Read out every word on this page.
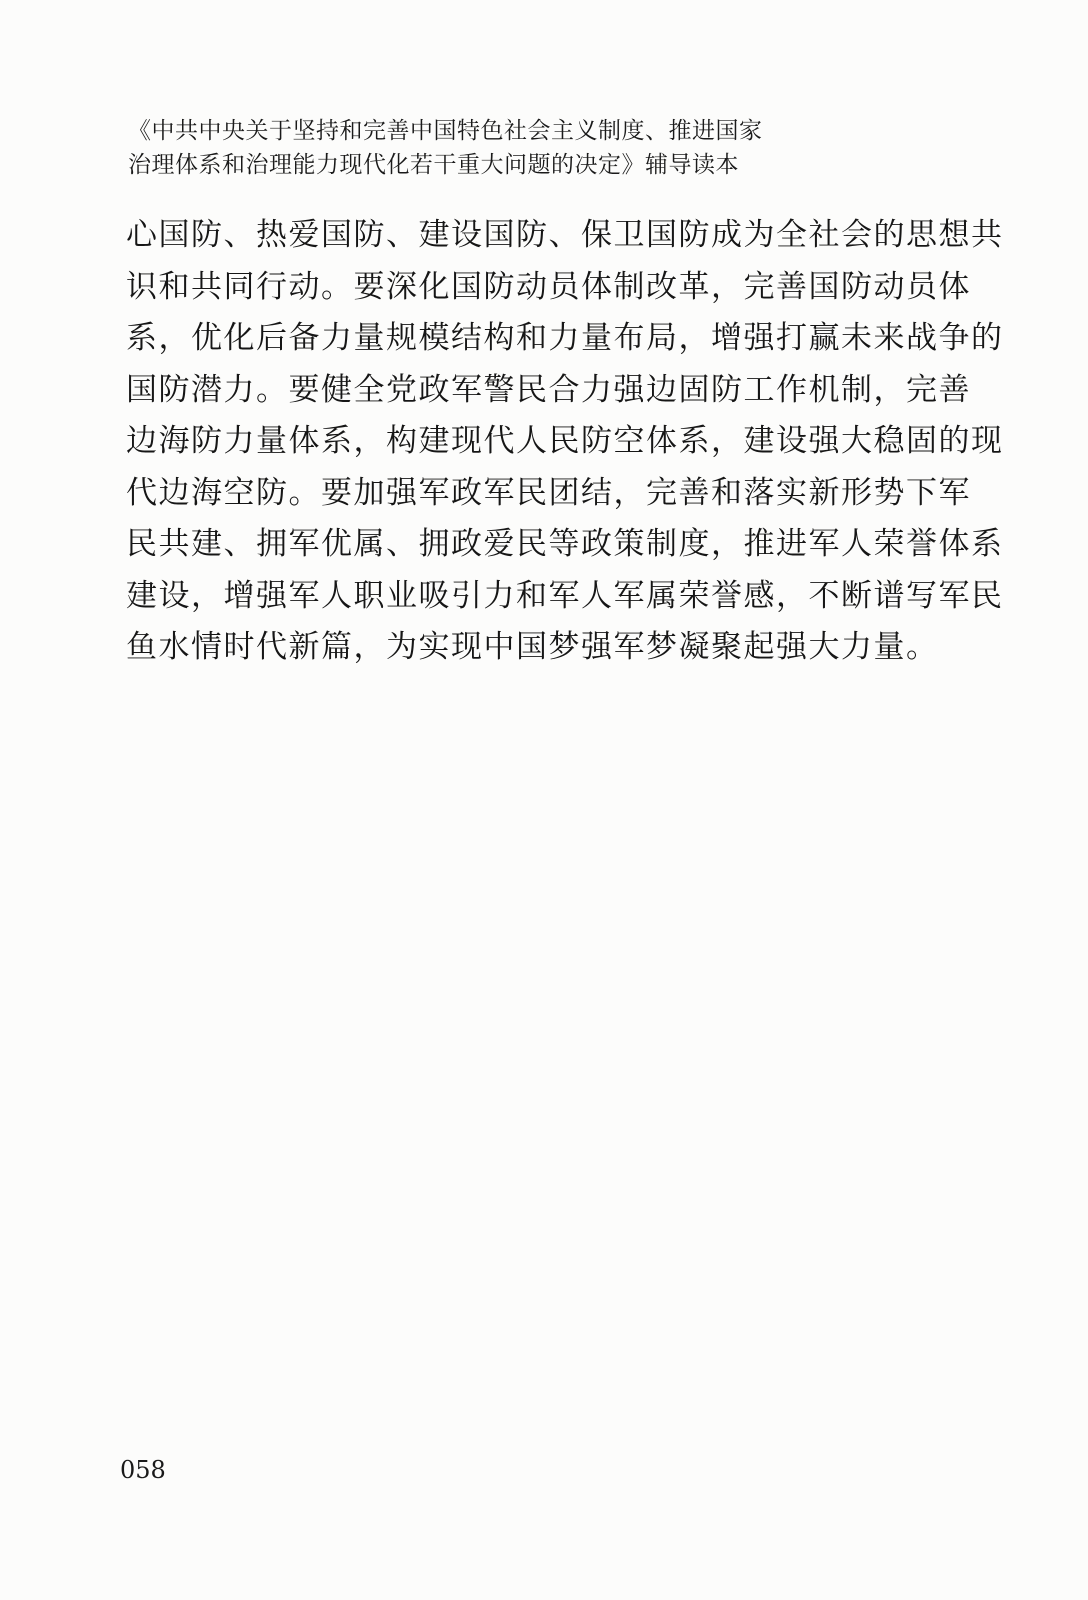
《中共中央关于坚持和完善中国特色社会主义制度、推进国家
治理体系和治理能力现代化若干重大问题的决定》辅导读本
心国防、热爱国防、建设国防、保卫国防成为全社会的思想共
识和共同行动。要深化国防动员体制改革，完善国防动员体
系，优化后备力量规模结构和力量布局，增强打赢未来战争的
国防潜力。要健全党政军警民合力强边固防工作机制，完善
边海防力量体系，构建现代人民防空体系，建设强大稳固的现
代边海空防。要加强军政军民团结，完善和落实新形势下军
民共建、拥军优属、拥政爱民等政策制度，推进军人荣誉体系
建设，增强军人职业吸引力和军人军属荣誉感，不断谱写军民
鱼水情时代新篇，为实现中国梦强军梦凝聚起强大力量。
058
